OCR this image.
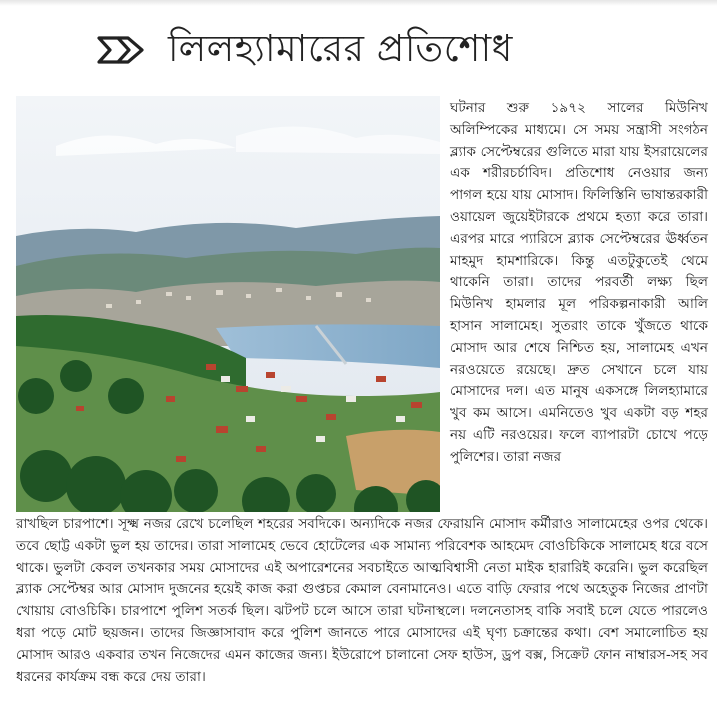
লিলহ্যামারের প্রতিশোধ

ঘটনার শুরু ১৯৭২ সালের মিউনিখ অলিম্পিকের মাধ্যমে। সে সময় সন্ত্রাসী সংগঠন ব্ল্যাক সেপ্টেম্বরের গুলিতে মারা যায় ইসরায়েলের এক শরীরচর্চাবিদ। প্রতিশোধ নেওয়ার জন্য পাগল হয়ে যায় মোসাদ। ফিলিস্তিনি ভাষান্তরকারী ওয়ায়েল জুয়েইটারকে প্রথমে হত্যা করে তারা। এরপর মারে প্যারিসে ব্ল্যাক সেপ্টেম্বরের ঊর্ধ্বতন মাহমুদ হামশারিকে। কিন্তু এতটুকুতেই থেমে থাকেনি তারা। তাদের পরবর্তী লক্ষ্য ছিল মিউনিখ হামলার মূল পরিকল্পনাকারী আলি হাসান সালামেহ। সুতরাং তাকে খুঁজতে থাকে মোসাদ আর শেষে নিশ্চিত হয়, সালামেহ এখন নরওয়েতে রয়েছে। দ্রুত সেখানে চলে যায় মোসাদের দল। এত মানুষ একসঙ্গে লিলহ্যামারে খুব কম আসে। এমনিতেও খুব একটা বড় শহর নয় এটি নরওয়ের। ফলে ব্যাপারটা চোখে পড়ে পুলিশের। তারা নজর

রাখছিল চারপাশে। সূক্ষ্ম নজর রেখে চলেছিল শহরের সবদিকে। অন্যদিকে নজর ফেরায়নি মোসাদ কর্মীরাও সালামেহের ওপর থেকে। তবে ছোট্ট একটা ভুল হয় তাদের। তারা সালামেহ ভেবে হোটেলের এক সামান্য পরিবেশক আহমেদ বোওচিকিকে সালামেহ ধরে বসে থাকে। ভুলটা কেবল তখনকার সময় মোসাদের এই অপারেশনের সবচাইতে আত্মবিশ্বাসী নেতা মাইক হারারিই করেনি। ভুল করেছিল ব্ল্যাক সেপ্টেম্বর আর মোসাদ দুজনের হয়েই কাজ করা গুপ্তচর কেমাল বেনামানেও। এতে বাড়ি ফেরার পথে অহেতুক নিজের প্রাণটা খোয়ায় বোওচিকি। চারপাশে পুলিশ সতর্ক ছিল। ঝটপট চলে আসে তারা ঘটনাস্থলে। দলনেতাসহ বাকি সবাই চলে যেতে পারলেও ধরা পড়ে মোট ছয়জন। তাদের জিজ্ঞাসাবাদ করে পুলিশ জানতে পারে মোসাদের এই ঘৃণ্য চক্রান্তের কথা। বেশ সমালোচিত হয় মোসাদ আরও একবার তখন নিজেদের এমন কাজের জন্য। ইউরোপে চালানো সেফ হাউস, ড্রপ বক্স, সিক্রেট ফোন নাম্বারস-সহ সব ধরনের কার্যক্রম বন্ধ করে দেয় তারা।
